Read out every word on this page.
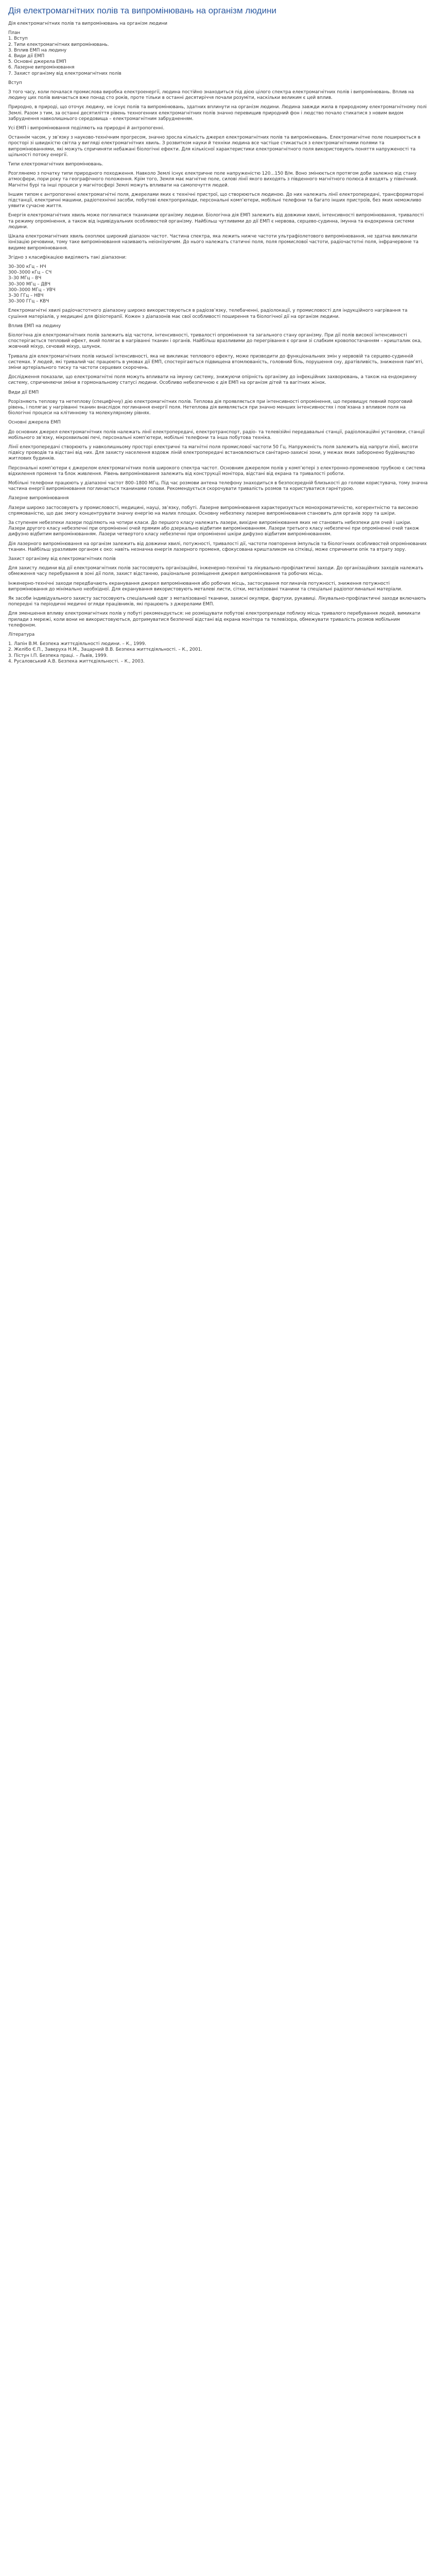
Дія електромагнітних полів та випромінювань на організм людини

Дія електромагнітних полів та випромінювань на організм людини

План
1. Вступ
2. Типи електромагнітних випромінювань.
3. Вплив ЕМП на людину
4. Види дії ЕМП
5. Основні джерела ЕМП
6. Лазерне випромінювання
7. Захист організму від електромагнітних полів

Вступ

З того часу, коли почалася промислова виробка електроенергії, людина постійно знаходиться під дією цілого спектра електромагнітних полів і випромінювань. Вплив на людину цих полів вивчається вже понад сто років, проте тільки в останні десятиріччя почали розуміти, наскільки великим є цей вплив.

Природно, в природі, що оточує людину, не існує полів та випромінювань, здатних вплинути на організм людини. Людина завжди жила в природному електромагнітному полі Землі. Разом з тим, за останні десятиліття рівень техногенних електромагнітних полів значно перевищив природний фон і людство почало стикатися з новим видом забруднення навколишнього середовища – електромагнітним забрудненням.

Усі ЕМП і випромінювання поділяють на природні й антропогенні.

Останнім часом, у зв’язку з науково-технічним прогресом, значно зросла кількість джерел електромагнітних полів та випромінювань. Електромагнітне поле поширюється в просторі зі швидкістю світла у вигляді електромагнітних хвиль. З розвитком науки й техніки людина все частіше стикається з електромагнітними полями та випромінюваннями, які можуть спричиняти небажані біологічні ефекти. Для кількісної характеристики електромагнітного поля використовують поняття напруженості та щільності потоку енергії.

Типи електромагнітних випромінювань.

Розглянемо з початку типи природного походження. Навколо Землі існує електричне поле напруженістю 120...150 В/м. Воно змінюється протягом доби залежно від стану атмосфери, пори року та географічного положення. Крім того, Земля має магнітне поле, силові лінії якого виходять з південного магнітного полюса й входять у північний. Магнітні бурі та інші процеси у магнітосфері Землі можуть впливати на самопочуття людей.

Іншим типом є антропогенні електромагнітні поля, джерелами яких є технічні пристрої, що створюються людиною. До них належать лінії електропередачі, трансформаторні підстанції, електричні машини, радіотехнічні засоби, побутові електроприлади, персональні комп’ютери, мобільні телефони та багато інших пристроїв, без яких неможливо уявити сучасне життя.

Енергія електромагнітних хвиль може поглинатися тканинами організму людини. Біологічна дія ЕМП залежить від довжини хвилі, інтенсивності випромінювання, тривалості та режиму опромінення, а також від індивідуальних особливостей організму. Найбільш чутливими до дії ЕМП є нервова, серцево-судинна, імунна та ендокринна системи людини.

Шкала електромагнітних хвиль охоплює широкий діапазон частот. Частина спектра, яка лежить нижче частоти ультрафіолетового випромінювання, не здатна викликати іонізацію речовини, тому таке випромінювання називають неіонізуючим. До нього належать статичні поля, поля промислової частоти, радіочастотні поля, інфрачервоне та видиме випромінювання.

Згідно з класифікацією виділяють такі діапазони:

30–300 кГц – НЧ
300–3000 кГц – СЧ
3–30 МГц – ВЧ
30–300 МГц – ДВЧ
300–3000 МГц – УВЧ
3–30 ГГц – НВЧ
30–300 ГГц – КВЧ

Електромагнітні хвилі радіочастотного діапазону широко використовуються в радіозв’язку, телебаченні, радіолокації, у промисловості для індукційного нагрівання та сушіння матеріалів, у медицині для фізіотерапії. Кожен з діапазонів має свої особливості поширення та біологічної дії на організм людини.

Вплив ЕМП на людину

Біологічна дія електромагнітних полів залежить від частоти, інтенсивності, тривалості опромінення та загального стану організму. При дії полів високої інтенсивності спостерігається тепловий ефект, який полягає в нагріванні тканин і органів. Найбільш вразливими до перегрівання є органи зі слабким кровопостачанням – кришталик ока, жовчний міхур, сечовий міхур, шлунок.

Тривала дія електромагнітних полів низької інтенсивності, яка не викликає теплового ефекту, може призводити до функціональних змін у нервовій та серцево-судинній системах. У людей, які тривалий час працюють в умовах дії ЕМП, спостерігаються підвищена втомлюваність, головний біль, порушення сну, дратівливість, зниження пам’яті, зміни артеріального тиску та частоти серцевих скорочень.

Дослідження показали, що електромагнітні поля можуть впливати на імунну систему, знижуючи опірність організму до інфекційних захворювань, а також на ендокринну систему, спричиняючи зміни в гормональному статусі людини. Особливо небезпечною є дія ЕМП на організм дітей та вагітних жінок.

Види дії ЕМП

Розрізняють теплову та нетеплову (специфічну) дію електромагнітних полів. Теплова дія проявляється при інтенсивності опромінення, що перевищує певний пороговий рівень, і полягає у нагріванні тканин внаслідок поглинання енергії поля. Нетеплова дія виявляється при значно менших інтенсивностях і пов’язана з впливом поля на біологічні процеси на клітинному та молекулярному рівнях.

Основні джерела ЕМП

До основних джерел електромагнітних полів належать лінії електропередачі, електротранспорт, радіо- та телевізійні передавальні станції, радіолокаційні установки, станції мобільного зв’язку, мікрохвильові печі, персональні комп’ютери, мобільні телефони та інша побутова техніка.

Лінії електропередачі створюють у навколишньому просторі електричні та магнітні поля промислової частоти 50 Гц. Напруженість поля залежить від напруги лінії, висоти підвісу проводів та відстані від них. Для захисту населення вздовж ліній електропередачі встановлюються санітарно-захисні зони, у межах яких заборонено будівництво житлових будинків.

Персональні комп’ютери є джерелом електромагнітних полів широкого спектра частот. Основним джерелом полів у комп’ютері з електронно-променевою трубкою є система відхилення променя та блок живлення. Рівень випромінювання залежить від конструкції монітора, відстані від екрана та тривалості роботи.

Мобільні телефони працюють у діапазоні частот 800–1800 МГц. Під час розмови антена телефону знаходиться в безпосередній близькості до голови користувача, тому значна частина енергії випромінювання поглинається тканинами голови. Рекомендується скорочувати тривалість розмов та користуватися гарнітурою.

Лазерне випромінювання

Лазери широко застосовують у промисловості, медицині, науці, зв’язку, побуті. Лазерне випромінювання характеризується монохроматичністю, когерентністю та високою спрямованістю, що дає змогу концентрувати значну енергію на малих площах. Основну небезпеку лазерне випромінювання становить для органів зору та шкіри.

За ступенем небезпеки лазери поділяють на чотири класи. До першого класу належать лазери, вихідне випромінювання яких не становить небезпеки для очей і шкіри. Лазери другого класу небезпечні при опроміненні очей прямим або дзеркально відбитим випромінюванням. Лазери третього класу небезпечні при опроміненні очей також дифузно відбитим випромінюванням. Лазери четвертого класу небезпечні при опроміненні шкіри дифузно відбитим випромінюванням.

Дія лазерного випромінювання на організм залежить від довжини хвилі, потужності, тривалості дії, частоти повторення імпульсів та біологічних особливостей опромінюваних тканин. Найбільш уразливим органом є око: навіть незначна енергія лазерного променя, сфокусована кришталиком на сітківці, може спричинити опік та втрату зору.

Захист організму від електромагнітних полів

Для захисту людини від дії електромагнітних полів застосовують організаційні, інженерно-технічні та лікувально-профілактичні заходи. До організаційних заходів належать обмеження часу перебування в зоні дії поля, захист відстанню, раціональне розміщення джерел випромінювання та робочих місць.

Інженерно-технічні заходи передбачають екранування джерел випромінювання або робочих місць, застосування поглиначів потужності, зниження потужності випромінювання до мінімально необхідної. Для екранування використовують металеві листи, сітки, металізовані тканини та спеціальні радіопоглинальні матеріали.

Як засоби індивідуального захисту застосовують спеціальний одяг з металізованої тканини, захисні окуляри, фартухи, рукавиці. Лікувально-профілактичні заходи включають попередні та періодичні медичні огляди працівників, які працюють з джерелами ЕМП.

Для зменшення впливу електромагнітних полів у побуті рекомендується: не розміщувати побутові електроприлади поблизу місць тривалого перебування людей, вимикати прилади з мережі, коли вони не використовуються, дотримуватися безпечної відстані від екрана монітора та телевізора, обмежувати тривалість розмов мобільним телефоном.

Література

1. Лапін В.М. Безпека життєдіяльності людини. – К., 1999.
2. Желібо Є.П., Заверуха Н.М., Зацарний В.В. Безпека життєдіяльності. – К., 2001.
3. Пістун І.П. Безпека праці. – Львів, 1999.
4. Русаловський А.В. Безпека життєдіяльності. – К., 2003.
